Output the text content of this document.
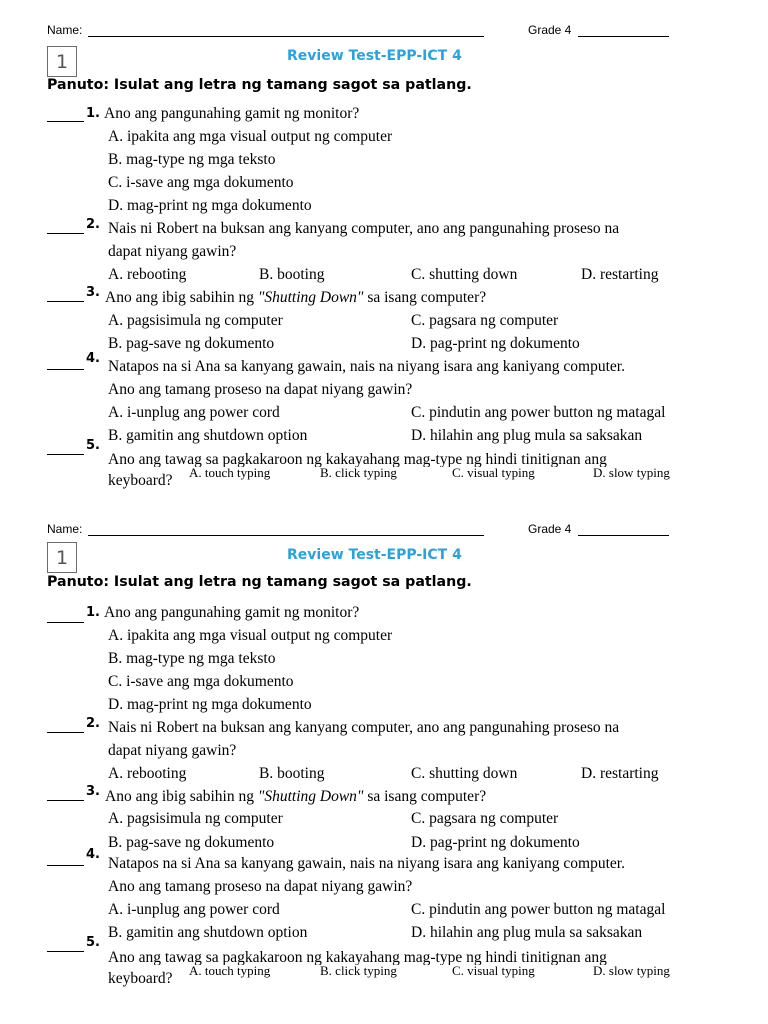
Name:	Grade 4
1	Review Test-EPP-ICT 4
Panuto: Isulat ang letra ng tamang sagot sa patlang.
1. Ano ang pangunahing gamit ng monitor?
A. ipakita ang mga visual output ng computer
B. mag-type ng mga teksto
C. i-save ang mga dokumento
D. mag-print ng mga dokumento
2. Nais ni Robert na buksan ang kanyang computer, ano ang pangunahing proseso na
dapat niyang gawin?
A. rebooting	B. booting	C. shutting down	D. restarting
3. Ano ang ibig sabihin ng "Shutting Down" sa isang computer?
A. pagsisimula ng computer	C. pagsara ng computer
B. pag-save ng dokumento	D. pag-print ng dokumento
4. Natapos na si Ana sa kanyang gawain, nais na niyang isara ang kaniyang computer.
Ano ang tamang proseso na dapat niyang gawin?
A. i-unplug ang power cord	C. pindutin ang power button ng matagal
B. gamitin ang shutdown option	D. hilahin ang plug mula sa saksakan
5.
Ano ang tawag sa pagkakaroon ng kakayahang mag-type ng hindi tinitignan ang
keyboard? A. touch typing	B. click typing	C. visual typing	D. slow typing
Name:	Grade 4
1	Review Test-EPP-ICT 4
Panuto: Isulat ang letra ng tamang sagot sa patlang.
1. Ano ang pangunahing gamit ng monitor?
A. ipakita ang mga visual output ng computer
B. mag-type ng mga teksto
C. i-save ang mga dokumento
D. mag-print ng mga dokumento
2. Nais ni Robert na buksan ang kanyang computer, ano ang pangunahing proseso na
dapat niyang gawin?
A. rebooting	B. booting	C. shutting down	D. restarting
3. Ano ang ibig sabihin ng "Shutting Down" sa isang computer?
A. pagsisimula ng computer	C. pagsara ng computer
B. pag-save ng dokumento	D. pag-print ng dokumento
4.
Natapos na si Ana sa kanyang gawain, nais na niyang isara ang kaniyang computer.
Ano ang tamang proseso na dapat niyang gawin?
A. i-unplug ang power cord	C. pindutin ang power button ng matagal
B. gamitin ang shutdown option	D. hilahin ang plug mula sa saksakan
5.
Ano ang tawag sa pagkakaroon ng kakayahang mag-type ng hindi tinitignan ang
keyboard? A. touch typing	B. click typing	C. visual typing	D. slow typing
